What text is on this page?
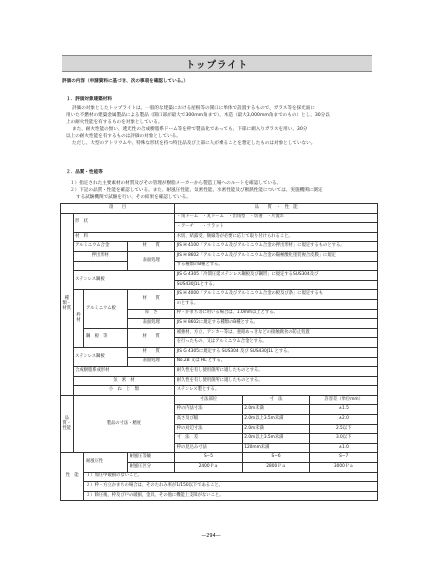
トップライト
評価の内容（申請資料に基づき、次の事項を確認している。）
１．評価対象建築材料
評価の対象としたトップライトは、一般的な建築における屋根等の開口に単体で設置するもので、ガラス等を採光面に
用いた不燃材の建築金属製品による製品（開口部が最大で300mm角まで）、木造（最大3,000mm角までのもの）とし、30分以
上の耐火性能を有するものを対象としている。
また、耐火性能の無い、透光性の合成樹脂系ドーム等を枠で製品化であっても、下部に網入りガラスを用い、30分
以上の耐火性能を有するものは評価の対象としている。
ただし、大型のアトリウムや、特殊な形状を持つ特注品及び上部に人が乗ることを想定したものは対象としていない。
２．品質・性能等
１）指定された主要素材の材質及びその管理が樹脂メーカーから製造工場へのルートを確認している。
２）下記の品質・性能を確認している。また、耐風圧性能、気密性能、水密性能及び断熱性能については、実施機関に測定
する試験機関で試験を行い、その結果を確認している。
項　　目				品　　質　・　性　能		
種類・材質	形　状			・角ドーム　・丸ドーム　・出角型　・切妻　・片流れ		
				・アーチ　　・フラット		
	材　料			水切、結露受、額縁等が必要に応じて取り付けられること。		
	アルミニウム合金		材　　質	JIS H 4100「アルミニウム及びアルミニウム合金の押出形材」に規定するものとする。		
	押出形材		表面処理	JIS H 8602「アルミニウム及びアルミニウム合金の陽極酸化塗装複合皮膜」に規定		
				する種類のB種とする。		
	ステンレス鋼板			JIS G 4305「冷間圧延ステンレス鋼板及び鋼帯」に規定するSUS304及び		
				SUS430J1Lとする。		
	枠材	アルミニウム板	材　　質	JIS H 4000「アルミニウム及びアルミニウム合金の板及び条」に規定するも		
				のとする。		
			厚　さ	枠・かまち等に用いる場合は、1.0mm以上とする。		
			表面処理	JIS H 8602に規定する種類のB種とする。		
		鋼　板　等	材　　質	補強材、方立、アンカー等は、亜鉛めっきなどの接触腐食の防止処置		
				を行ったもの、又はアルミニウム合金とする。		
	ステンレス鋼板		材　　質	JIS G 4305に規定する SUS304 及び SUS430J1L とする。		
			表面処理	No.2B 又は HL とする。		
	合成樹脂系成形材			耐久性を有し使用箇所に適したものとする。		
	気　密　材			耐久性を有し使用箇所に適したものとする。		
	小　ね　じ　類			ステンレス製とする。		
品質・性能	製品の寸法・精度			寸法部位	寸　法	許容差（単位mm）
				枠の内法寸法	2.0m未満	±1.5
				高さ及び幅	2.0m以上3.5m未満	±2.0
				枠の対辺寸法	2.0m未満	2.5以下
				寸　法　差	2.0m以上3.5m未満	3.0以下
				枠の見込み寸法	120mm未満	±1.0
性　能		耐風圧性	耐風圧等級	S−5	S−6	S−7
			耐風圧区分	2400Ｐａ	2800Ｐａ	3000Ｐａ
		１）加圧中破損のないこと。				
		２）枠・方立かまちの場合は、そのたわみ率が1/150以下であること。				
		３）除圧後、枠及び戸の破損、金具、その他に機能上支障がないこと。				
—294—
